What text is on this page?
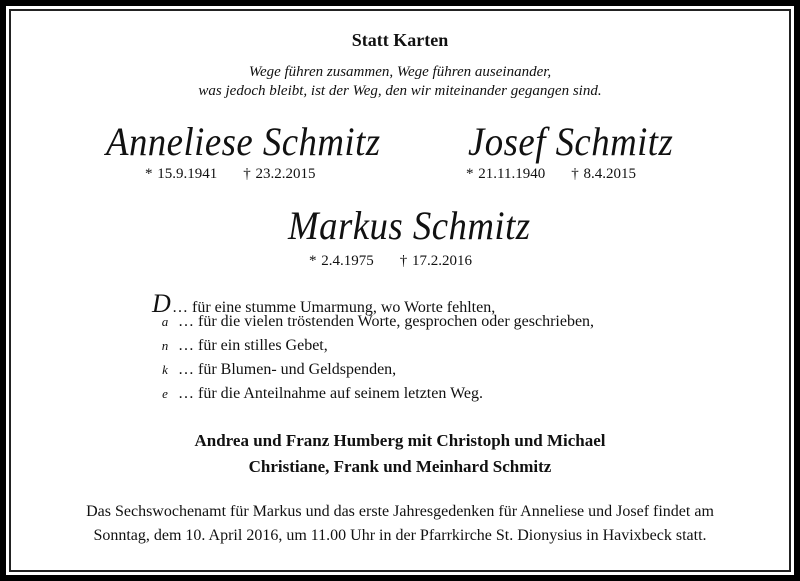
Statt Karten
Wege führen zusammen, Wege führen auseinander,
was jedoch bleibt, ist der Weg, den wir miteinander gegangen sind.
Anneliese Schmitz
* 15.9.1941 † 23.2.2015
Josef Schmitz
* 21.11.1940 † 8.4.2015
Markus Schmitz
* 2.4.1975 † 17.2.2016
D… für eine stumme Umarmung, wo Worte fehlten,
a … für die vielen tröstenden Worte, gesprochen oder geschrieben,
n … für ein stilles Gebet,
k … für Blumen- und Geldspenden,
e … für die Anteilnahme auf seinem letzten Weg.
Andrea und Franz Humberg mit Christoph und Michael
Christiane, Frank und Meinhard Schmitz
Das Sechswochenamt für Markus und das erste Jahresgedenken für Anneliese und Josef findet am
Sonntag, dem 10. April 2016, um 11.00 Uhr in der Pfarrkirche St. Dionysius in Havixbeck statt.
